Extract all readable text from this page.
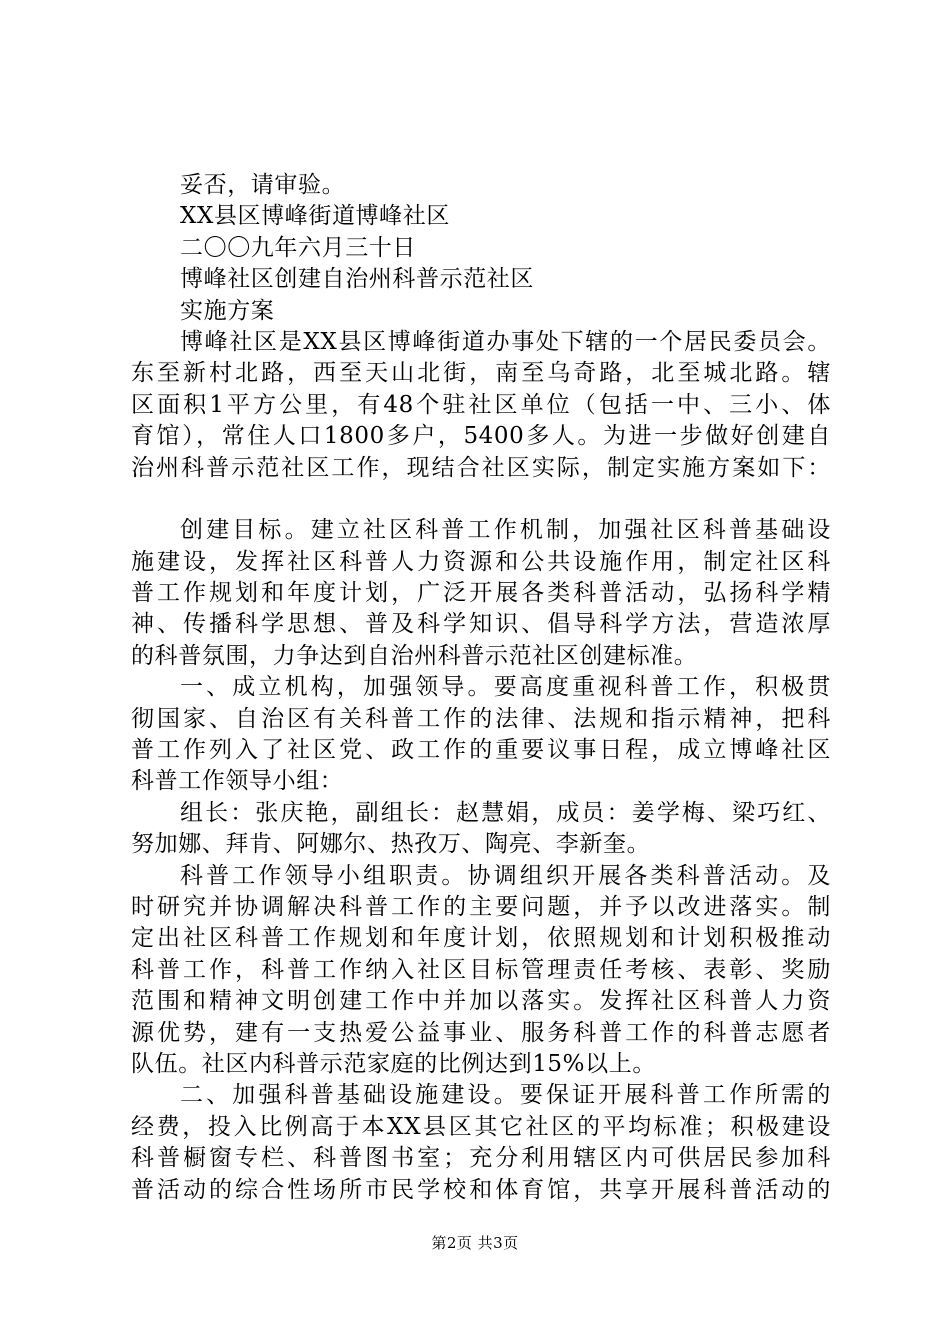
妥否，请审验。
XX县区博峰街道博峰社区
二〇〇九年六月三十日
博峰社区创建自治州科普示范社区
实施方案
博峰社区是XX县区博峰街道办事处下辖的一个居民委员会。
东至新村北路，西至天山北街，南至乌奇路，北至城北路。辖
区面积1平方公里，有48个驻社区单位（包括一中、三小、体
育馆），常住人口1800多户，5400多人。为进一步做好创建自
治州科普示范社区工作，现结合社区实际，制定实施方案如下：
创建目标。建立社区科普工作机制，加强社区科普基础设
施建设，发挥社区科普人力资源和公共设施作用，制定社区科
普工作规划和年度计划，广泛开展各类科普活动，弘扬科学精
神、传播科学思想、普及科学知识、倡导科学方法，营造浓厚
的科普氛围，力争达到自治州科普示范社区创建标准。
一、成立机构，加强领导。要高度重视科普工作，积极贯
彻国家、自治区有关科普工作的法律、法规和指示精神，把科
普工作列入了社区党、政工作的重要议事日程，成立博峰社区
科普工作领导小组：
组长：张庆艳，副组长：赵慧娟，成员：姜学梅、梁巧红、
努加娜、拜肯、阿娜尔、热孜万、陶亮、李新奎。
科普工作领导小组职责。协调组织开展各类科普活动。及
时研究并协调解决科普工作的主要问题，并予以改进落实。制
定出社区科普工作规划和年度计划，依照规划和计划积极推动
科普工作，科普工作纳入社区目标管理责任考核、表彰、奖励
范围和精神文明创建工作中并加以落实。发挥社区科普人力资
源优势，建有一支热爱公益事业、服务科普工作的科普志愿者
队伍。社区内科普示范家庭的比例达到15%以上。
二、加强科普基础设施建设。要保证开展科普工作所需的
经费，投入比例高于本XX县区其它社区的平均标准；积极建设
科普橱窗专栏、科普图书室；充分利用辖区内可供居民参加科
普活动的综合性场所市民学校和体育馆，共享开展科普活动的
第2页 共3页
